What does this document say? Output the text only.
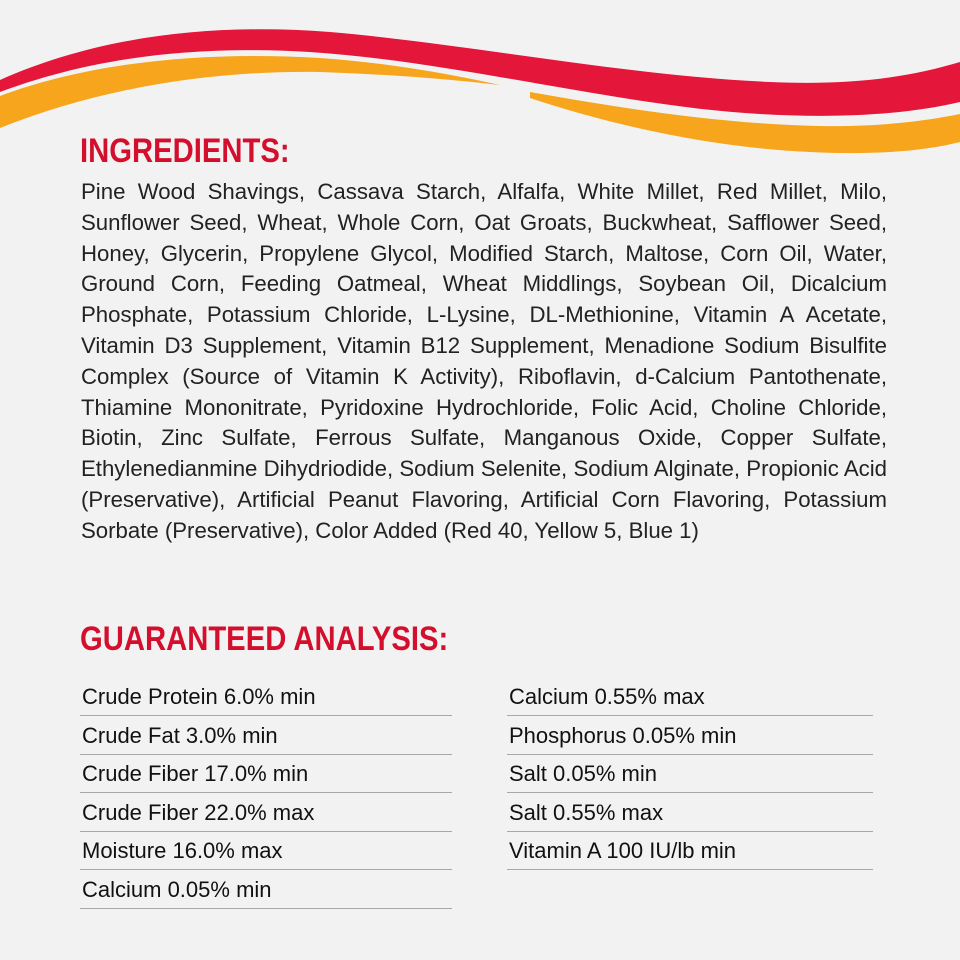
INGREDIENTS:

Pine Wood Shavings, Cassava Starch, Alfalfa, White Millet, Red Millet, Milo, Sunflower Seed, Wheat, Whole Corn, Oat Groats, Buckwheat, Safflower Seed, Honey, Glycerin, Propylene Glycol, Modified Starch, Maltose, Corn Oil, Water, Ground Corn, Feeding Oatmeal, Wheat Middlings, Soybean Oil, Dicalcium Phosphate, Potassium Chloride, L-Lysine, DL-Methionine, Vitamin A Acetate, Vitamin D3 Supplement, Vitamin B12 Supplement, Menadione Sodium Bisulfite Complex (Source of Vitamin K Activity), Riboflavin, d-Calcium Pantothenate, Thiamine Mononitrate, Pyridoxine Hydrochloride, Folic Acid, Choline Chloride, Biotin, Zinc Sulfate, Ferrous Sulfate, Manganous Oxide, Copper Sulfate, Ethylenedianmine Dihydriodide, Sodium Selenite, Sodium Alginate, Propionic Acid (Preservative), Artificial Peanut Flavoring, Artificial Corn Flavoring, Potassium Sorbate (Preservative), Color Added (Red 40, Yellow 5, Blue 1)

GUARANTEED ANALYSIS:
Crude Protein 6.0% min
Crude Fat 3.0% min
Crude Fiber 17.0% min
Crude Fiber 22.0% max
Moisture 16.0% max
Calcium 0.05% min
Calcium 0.55% max
Phosphorus 0.05% min
Salt 0.05% min
Salt 0.55% max
Vitamin A 100 IU/lb min
